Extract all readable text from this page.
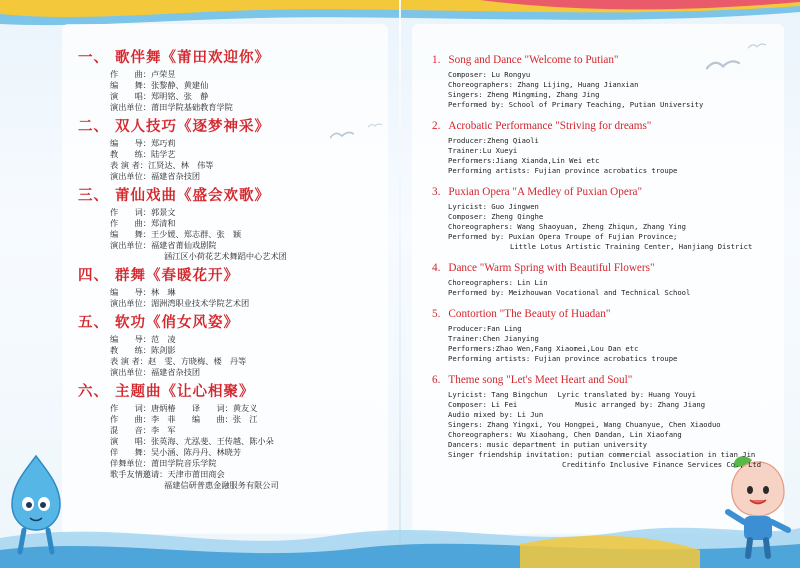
一、 歌伴舞《莆田欢迎你》
作　　曲：卢荣昱
编　　舞：张黎静、黄建仙
演　　唱：郑明铭、张　静
演出单位：莆田学院基础教育学院
二、 双人技巧《逐梦神采》
编　　导：郑巧莉
教　　练：陆学艺
表 演 者：江贤达、林　伟等
演出单位：福建省杂技团
三、 莆仙戏曲《盛会欢歌》
作　　词：郭景文
作　　曲：郑清和
编　　舞：王少媛、郑志群、张　颖
演出单位：福建省莆仙戏剧院
涵江区小荷花艺术舞蹈中心艺术团
四、 群舞《春暖花开》
编　　导：林　琳
演出单位：湄洲湾职业技术学院艺术团
五、 软功《俏女风姿》
编　　导：范　凌
教　　练：陈剑影
表 演 者：赵　雯、方晓梅、楼　丹等
演出单位：福建省杂技团
六、 主题曲《让心相聚》
作　　词：唐炳椿　　译　　词：黄友义
作　　曲：李　菲　　编　　曲：张　江
混　　音：李　军
演　　唱：张英海、尤泓斐、王传越、陈小朵
伴　　舞：吴小涵、陈丹丹、林晓芳
伴舞单位：莆田学院音乐学院
歌手友情邀请：天津市莆田商会
福建信研普惠金融服务有限公司
1. Song and Dance "Welcome to Putian"
Composer: Lu Rongyu
Choreographers: Zhang Lijing, Huang Jianxian
Singers: Zheng Mingming, Zhang Jing
Performed by: School of Primary Teaching, Putian University
2. Acrobatic Performance "Striving for dreams"
Producer:Zheng Qiaoli
Trainer:Lu Xueyi
Performers:Jiang Xianda,Lin Wei etc
Performing artists: Fujian province acrobatics troupe
3. Puxian Opera "A Medley of Puxian Opera"
Lyricist: Guo Jingwen
Composer: Zheng Qinghe
Choreographers: Wang Shaoyuan, Zheng Zhiqun, Zhang Ying
Performed by: Puxian Opera Troupe of Fujian Province;
Little Lotus Artistic Training Center, Hanjiang District
4. Dance "Warm Spring with Beautiful Flowers"
Choreographers: Lin Lin
Performed by: Meizhouwan Vocational and Technical School
5. Contortion "The Beauty of Huadan"
Producer:Fan Ling
Trainer:Chen Jianying
Performers:Zhao Wen,Fang Xiaomei,Lou Dan etc
Performing artists: Fujian province acrobatics troupe
6. Theme song "Let's Meet Heart and Soul"
Lyricist: Tang Bingchun Lyric translated by: Huang Youyi
Composer: Li Fei	Music arranged by: Zhang Jiang
Audio mixed by: Li Jun
Singers: Zhang Yingxi, You Hongpei, Wang Chuanyue, Chen Xiaoduo
Choreographers: Wu Xiaohang, Chen Dandan, Lin Xiaofang
Dancers: music department in putian university
Singer friendship invitation: putian commercial association in tian Jin
Creditinfo Inclusive Finance Services Co., Ltd
